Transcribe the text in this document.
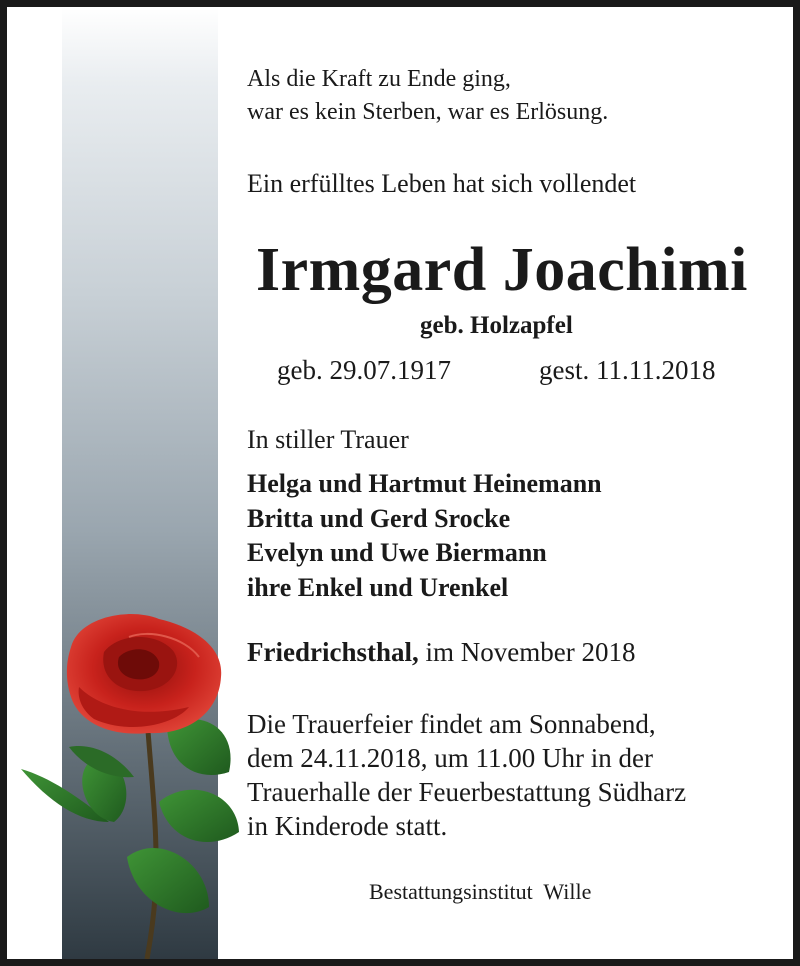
Als die Kraft zu Ende ging,
war es kein Sterben, war es Erlösung.
Ein erfülltes Leben hat sich vollendet
Irmgard Joachimi
geb. Holzapfel
geb. 29.07.1917	gest. 11.11.2018
In stiller Trauer
Helga und Hartmut Heinemann
Britta und Gerd Srocke
Evelyn und Uwe Biermann
ihre Enkel und Urenkel
Friedrichsthal, im November 2018
Die Trauerfeier findet am Sonnabend,
dem 24.11.2018, um 11.00 Uhr in der
Trauerhalle der Feuerbestattung Südharz
in Kinderode statt.
Bestattungsinstitut  Wille
